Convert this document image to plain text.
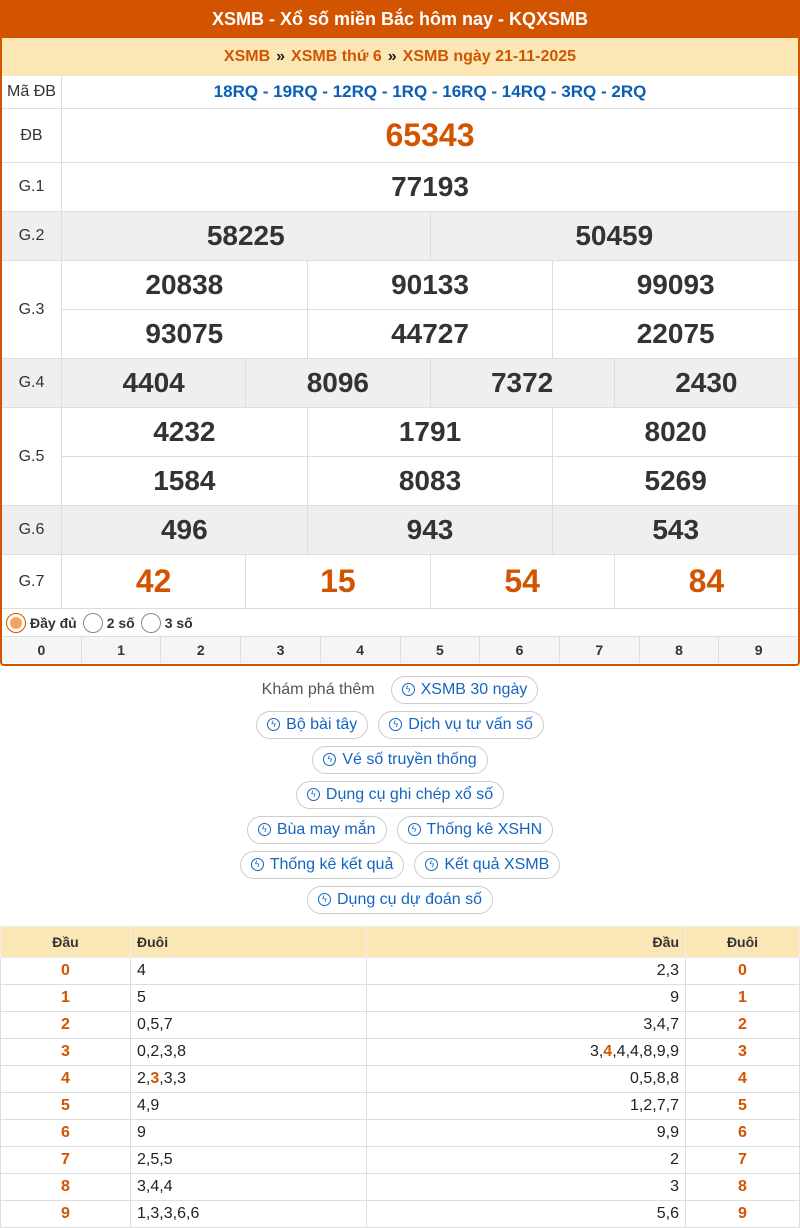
XSMB - Xổ số miền Bắc hôm nay - KQXSMB
XSMB » XSMB thứ 6 » XSMB ngày 21-11-2025
Mã ĐB	18RQ - 19RQ - 12RQ - 1RQ - 16RQ - 14RQ - 3RQ - 2RQ
ĐB	65343
G.1	77193
G.2	58225	50459
G.3
20838	90133	99093
93075	44727	22075
G.4	4404	8096	7372	2430
G.5
4232	1791	8020
1584	8083	5269
G.6	496	943	543
G.7	42	15	54	84
Đầy đủ 2 số 3 số
0	1	2	3	4	5	6	7	8	9
Khám phá thêm	ϟ XSMB 30 ngày
ϟ Bộ bài tây	ϟ Dịch vụ tư vấn số
ϟ Vé số truyền thống
ϟ Dụng cụ ghi chép xổ số
ϟ Bùa may mắn	ϟ Thống kê XSHN
ϟ Thống kê kết quả	ϟ Kết quả XSMB
ϟ Dụng cụ dự đoán số
Đầu	Đuôi	Đầu	Đuôi
0	4	2,3	0
1	5	9	1
2	0,5,7	3,4,7	2
3	0,2,3,8	3,4,4,4,8,9,9	3
4	2,3,3,3	0,5,8,8	4
5	4,9	1,2,7,7	5
6	9	9,9	6
7	2,5,5	2	7
8	3,4,4	3	8
9	1,3,3,6,6	5,6	9
